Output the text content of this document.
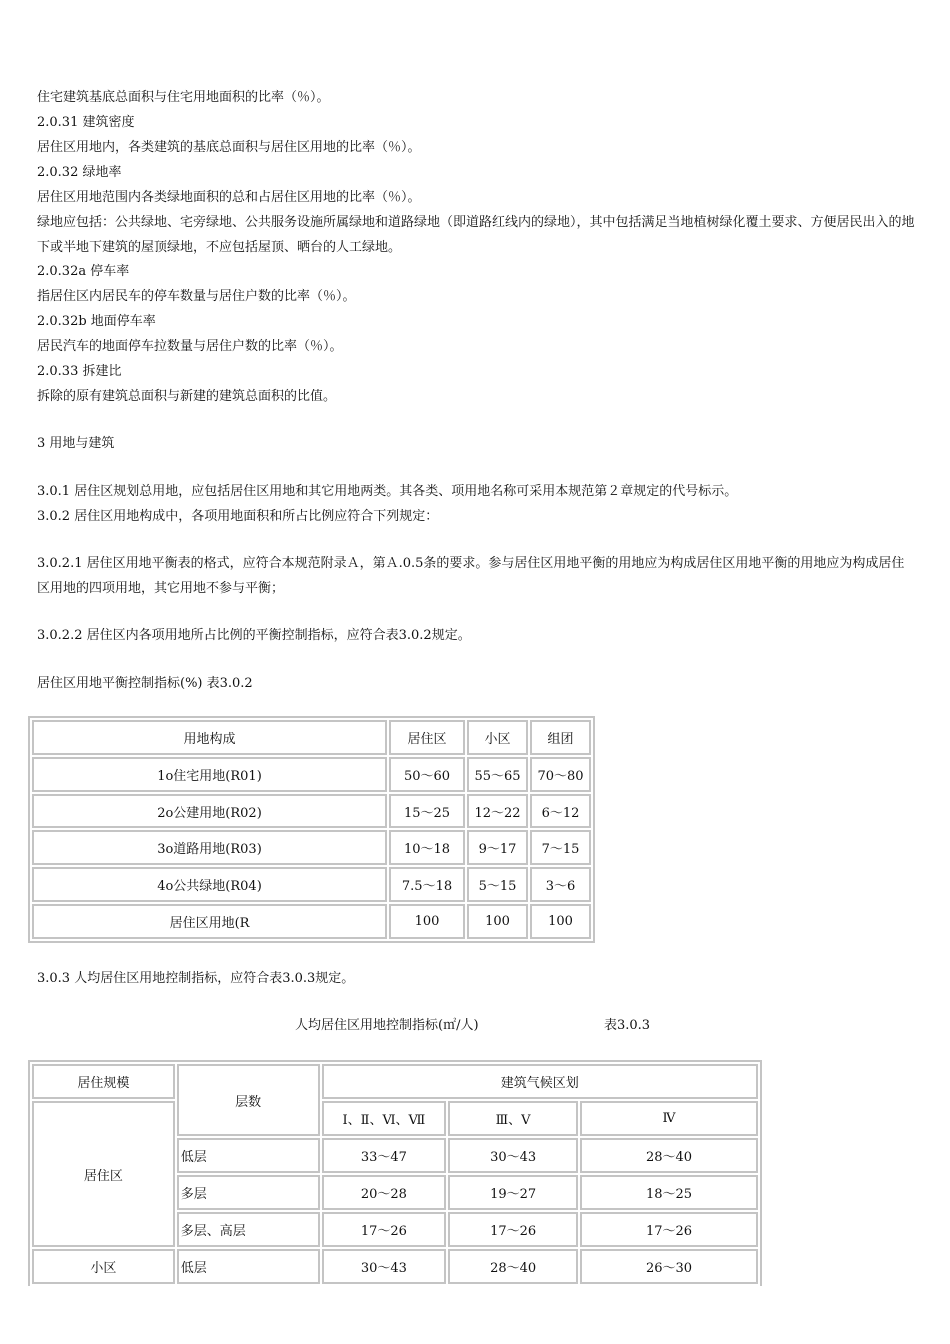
住宅建筑基底总面积与住宅用地面积的比率（％）。
2.0.31 建筑密度
居住区用地内，各类建筑的基底总面积与居住区用地的比率（％）。
2.0.32 绿地率
居住区用地范围内各类绿地面积的总和占居住区用地的比率（％）。
绿地应包括：公共绿地、宅旁绿地、公共服务设施所属绿地和道路绿地（即道路红线内的绿地），其中包括满足当地植树绿化覆土要求、方便居民出入的地下或半地下建筑的屋顶绿地，不应包括屋顶、晒台的人工绿地。
2.0.32a 停车率
指居住区内居民车的停车数量与居住户数的比率（％）。
2.0.32b 地面停车率
居民汽车的地面停车拉数量与居住户数的比率（％）。
2.0.33 拆建比
拆除的原有建筑总面积与新建的建筑总面积的比值。
3 用地与建筑
3.0.1 居住区规划总用地，应包括居住区用地和其它用地两类。其各类、项用地名称可采用本规范第２章规定的代号标示。
3.0.2 居住区用地构成中，各项用地面积和所占比例应符合下列规定：
3.0.2.1 居住区用地平衡表的格式，应符合本规范附录Ａ，第Ａ.0.5条的要求。参与居住区用地平衡的用地应为构成居住区用地平衡的用地应为构成居住区用地的四项用地，其它用地不参与平衡；
3.0.2.2 居住区内各项用地所占比例的平衡控制指标，应符合表3.0.2规定。
居住区用地平衡控制指标(%) 表3.0.2
3.0.3 人均居住区用地控制指标，应符合表3.0.3规定。
人均居住区用地控制指标(㎡/人)	表3.0.3
用地构成	居住区	小区	组团
1o住宅用地(R01)	50～60	55～65	70～80
2o公建用地(R02)	15～25	12～22	6～12
3o道路用地(R03)	10～18	9～17	7～15
4o公共绿地(R04)	7.5～18	5～15	3～6
居住区用地(R	100	100	100
居住规模	层数	建筑气候区划		
居住区		Ⅰ、Ⅱ、Ⅵ、Ⅶ	Ⅲ、Ⅴ	Ⅳ
	低层	33～47	30～43	28～40
	多层	20～28	19～27	18～25
	多层、高层	17～26	17～26	17～26
小区	低层	30～43	28～40	26～30
